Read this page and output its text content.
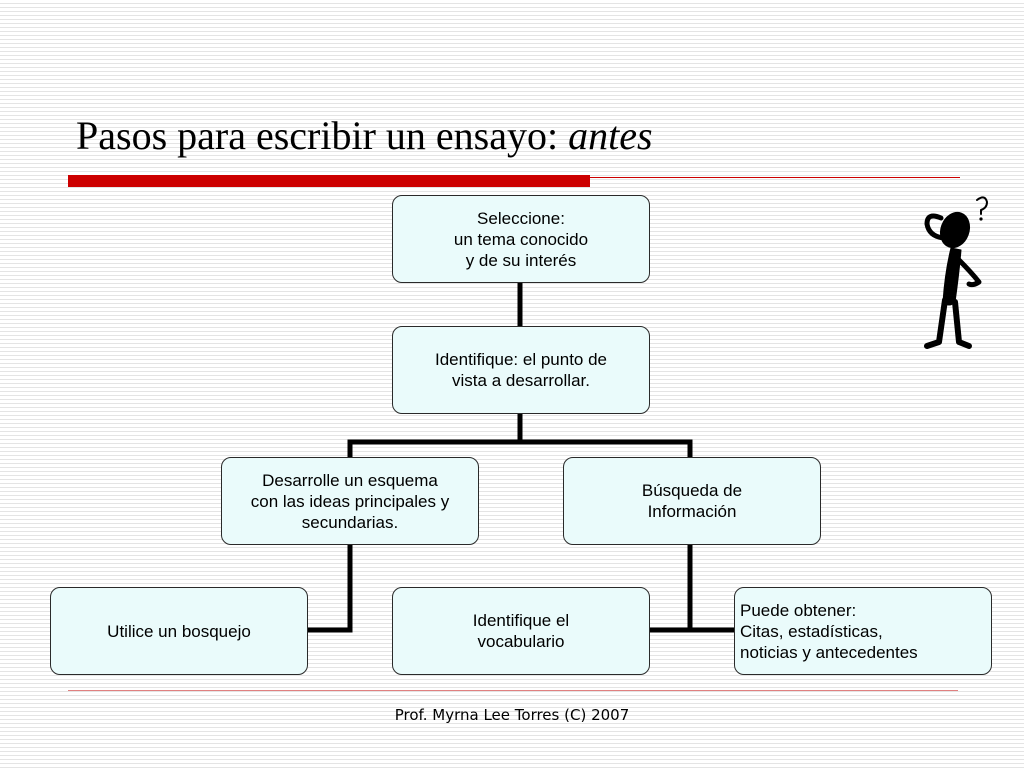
Pasos para escribir un ensayo: antes
Seleccione:
un tema conocido
y de su interés
Identifique: el punto de
vista a desarrollar.
Desarrolle un esquema
con las ideas principales y
secundarias.
Búsqueda de
Información
Utilice un bosquejo
Identifique el
vocabulario
Puede obtener:
Citas, estadísticas,
noticias y antecedentes
Prof. Myrna Lee Torres (C) 2007
